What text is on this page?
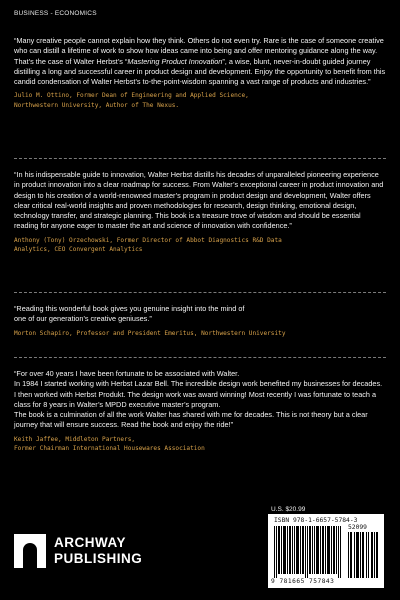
BUSINESS - ECONOMICS

“Many creative people cannot explain how they think. Others do not even try. Rare is the case of someone creative who can distill a lifetime of work to show how ideas came into being and offer mentoring guidance along the way. That’s the case of Walter Herbst’s “Mastering Product Innovation”, a wise, blunt, never-in-doubt guided journey distilling a long and successful career in product design and development. Enjoy the opportunity to benefit from this candid condensation of Walter Herbst’s to-the-point-wisdom spanning a vast range of products and industries.”

Julio M. Ottino, Former Dean of Engineering and Applied Science,
Northwestern University, Author of The Nexus.

“In his indispensable guide to innovation, Walter Herbst distills his decades of unparalleled pioneering experience in product innovation into a clear roadmap for success. From Walter’s exceptional career in product innovation and design to his creation of a world-renowned master’s program in product design and development, Walter offers clear critical real-world insights and proven methodologies for research, design thinking, emotional design, technology transfer, and strategic planning. This book is a treasure trove of wisdom and should be essential reading for anyone eager to master the art and science of innovation with confidence.”

Anthony (Tony) Orzechowski, Former Director of Abbot Diagnostics R&D Data
Analytics, CEO Convergent Analytics

“Reading this wonderful book gives you genuine insight into the mind of
one of our generation’s creative geniuses.”

Morton Schapiro, Professor and President Emeritus, Northwestern University

“For over 40 years I have been fortunate to be associated with Walter.

In 1984 I started working with Herbst Lazar Bell. The incredible design work benefited my businesses for decades. I then worked with Herbst Produkt. The design work was award winning! Most recently I was fortunate to teach a class for 8 years in Walter’s MPDD executive master’s program.

The book is a culmination of all the work Walter has shared with me for decades. This is not theory but a clear journey that will ensure success. Read the book and enjoy the ride!”

Keith Jaffee, Middleton Partners,
Former Chairman International Housewares Association

ARCHWAY

PUBLISHING

U.S. $20.99
ISBN 978-1-6657-5784-3
52099
9 781665 757843
